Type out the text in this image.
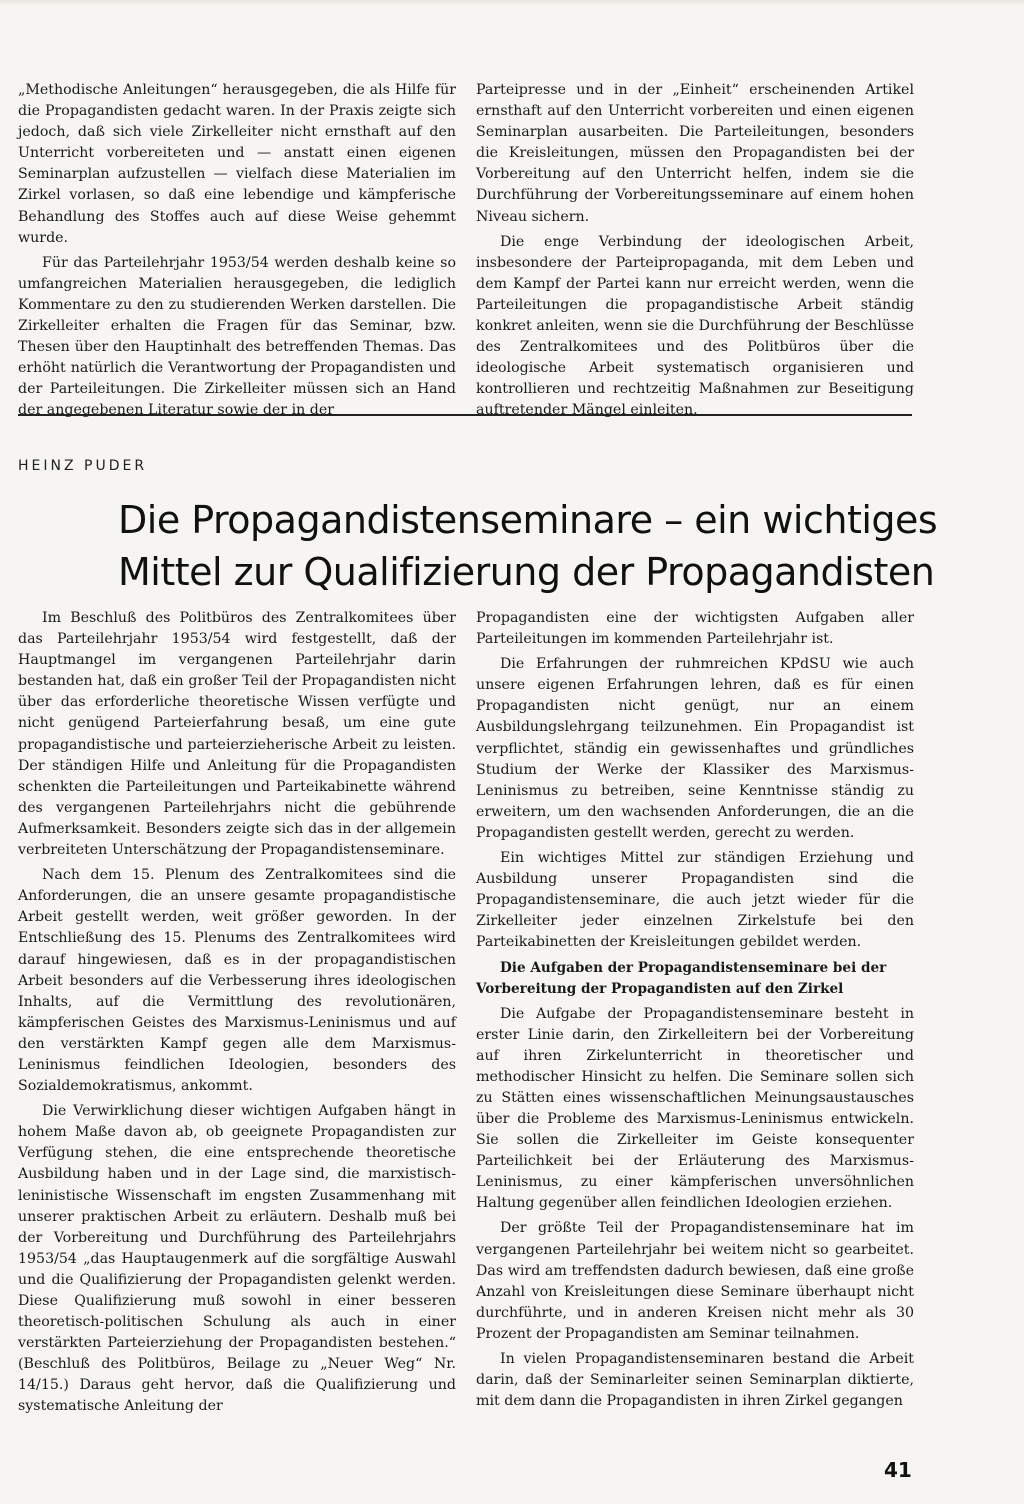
„Methodische Anleitungen“ herausgegeben, die als Hilfe für die Propagandisten gedacht waren. In der Praxis zeigte sich jedoch, daß sich viele Zirkelleiter nicht ernsthaft auf den Unterricht vorbereiteten und — anstatt einen eigenen Seminarplan aufzustellen — vielfach diese Materialien im Zirkel vorlasen, so daß eine lebendige und kämpferische Behandlung des Stoffes auch auf diese Weise gehemmt wurde.

Für das Parteilehrjahr 1953/54 werden deshalb keine so umfangreichen Materialien herausgegeben, die lediglich Kommentare zu den zu studierenden Werken darstellen. Die Zirkelleiter erhalten die Fragen für das Seminar, bzw. Thesen über den Hauptinhalt des betreffenden Themas. Das erhöht natürlich die Verantwortung der Propagandisten und der Parteileitungen. Die Zirkelleiter müssen sich an Hand der angegebenen Literatur sowie der in der

Parteipresse und in der „Einheit“ erscheinenden Artikel ernsthaft auf den Unterricht vorbereiten und einen eigenen Seminarplan ausarbeiten. Die Parteileitungen, besonders die Kreisleitungen, müssen den Propagandisten bei der Vorbereitung auf den Unterricht helfen, indem sie die Durchführung der Vorbereitungsseminare auf einem hohen Niveau sichern.

Die enge Verbindung der ideologischen Arbeit, insbesondere der Parteipropaganda, mit dem Leben und dem Kampf der Partei kann nur erreicht werden, wenn die Parteileitungen die propagandistische Arbeit ständig konkret anleiten, wenn sie die Durchführung der Beschlüsse des Zentralkomitees und des Politbüros über die ideologische Arbeit systematisch organisieren und kontrollieren und rechtzeitig Maßnahmen zur Beseitigung auftretender Mängel einleiten.

HEINZ PUDER
Die Propagandistenseminare – ein wichtiges
Mittel zur Qualifizierung der Propagandisten

Im Beschluß des Politbüros des Zentralkomitees über das Parteilehrjahr 1953/54 wird festgestellt, daß der Hauptmangel im vergangenen Parteilehrjahr darin bestanden hat, daß ein großer Teil der Propagandisten nicht über das erforderliche theoretische Wissen verfügte und nicht genügend Parteierfahrung besaß, um eine gute propagandistische und parteierzieherische Arbeit zu leisten. Der ständigen Hilfe und Anleitung für die Propagandisten schenkten die Parteileitungen und Parteikabinette während des vergangenen Parteilehrjahrs nicht die gebührende Aufmerksamkeit. Besonders zeigte sich das in der allgemein verbreiteten Unterschätzung der Propagandistenseminare.

Nach dem 15. Plenum des Zentralkomitees sind die Anforderungen, die an unsere gesamte propagandistische Arbeit gestellt werden, weit größer geworden. In der Entschließung des 15. Plenums des Zentralkomitees wird darauf hingewiesen, daß es in der propagandistischen Arbeit besonders auf die Verbesserung ihres ideologischen Inhalts, auf die Vermittlung des revolutionären, kämpferischen Geistes des Marxismus-Leninismus und auf den verstärkten Kampf gegen alle dem Marxismus-Leninismus feindlichen Ideologien, besonders des Sozialdemokratismus, ankommt.

Die Verwirklichung dieser wichtigen Aufgaben hängt in hohem Maße davon ab, ob geeignete Propagandisten zur Verfügung stehen, die eine entsprechende theoretische Ausbildung haben und in der Lage sind, die marxistisch-leninistische Wissenschaft im engsten Zusammenhang mit unserer praktischen Arbeit zu erläutern. Deshalb muß bei der Vorbereitung und Durchführung des Parteilehrjahrs 1953/54 „das Hauptaugenmerk auf die sorgfältige Auswahl und die Qualifizierung der Propagandisten gelenkt werden. Diese Qualifizierung muß sowohl in einer besseren theoretisch-politischen Schulung als auch in einer verstärkten Parteierziehung der Propagandisten bestehen.“ (Beschluß des Politbüros, Beilage zu „Neuer Weg“ Nr. 14/15.) Daraus geht hervor, daß die Qualifizierung und systematische Anleitung der

Propagandisten eine der wichtigsten Aufgaben aller Parteileitungen im kommenden Parteilehrjahr ist.

Die Erfahrungen der ruhmreichen KPdSU wie auch unsere eigenen Erfahrungen lehren, daß es für einen Propagandisten nicht genügt, nur an einem Ausbildungslehrgang teilzunehmen. Ein Propagandist ist verpflichtet, ständig ein gewissenhaftes und gründliches Studium der Werke der Klassiker des Marxismus-Leninismus zu betreiben, seine Kenntnisse ständig zu erweitern, um den wachsenden Anforderungen, die an die Propagandisten gestellt werden, gerecht zu werden.

Ein wichtiges Mittel zur ständigen Erziehung und Ausbildung unserer Propagandisten sind die Propagandistenseminare, die auch jetzt wieder für die Zirkelleiter jeder einzelnen Zirkelstufe bei den Parteikabinetten der Kreisleitungen gebildet werden.

Die Aufgaben der Propagandistenseminare bei der Vorbereitung der Propagandisten auf den Zirkel

Die Aufgabe der Propagandistenseminare besteht in erster Linie darin, den Zirkelleitern bei der Vorbereitung auf ihren Zirkelunterricht in theoretischer und methodischer Hinsicht zu helfen. Die Seminare sollen sich zu Stätten eines wissenschaftlichen Meinungsaustausches über die Probleme des Marxismus-Leninismus entwickeln. Sie sollen die Zirkelleiter im Geiste konsequenter Parteilichkeit bei der Erläuterung des Marxismus-Leninismus, zu einer kämpferischen unversöhnlichen Haltung gegenüber allen feindlichen Ideologien erziehen.

Der größte Teil der Propagandistenseminare hat im vergangenen Parteilehrjahr bei weitem nicht so gearbeitet. Das wird am treffendsten dadurch bewiesen, daß eine große Anzahl von Kreisleitungen diese Seminare überhaupt nicht durchführte, und in anderen Kreisen nicht mehr als 30 Prozent der Propagandisten am Seminar teilnahmen.

In vielen Propagandistenseminaren bestand die Arbeit darin, daß der Seminarleiter seinen Seminarplan diktierte, mit dem dann die Propagandisten in ihren Zirkel gegangen

41
